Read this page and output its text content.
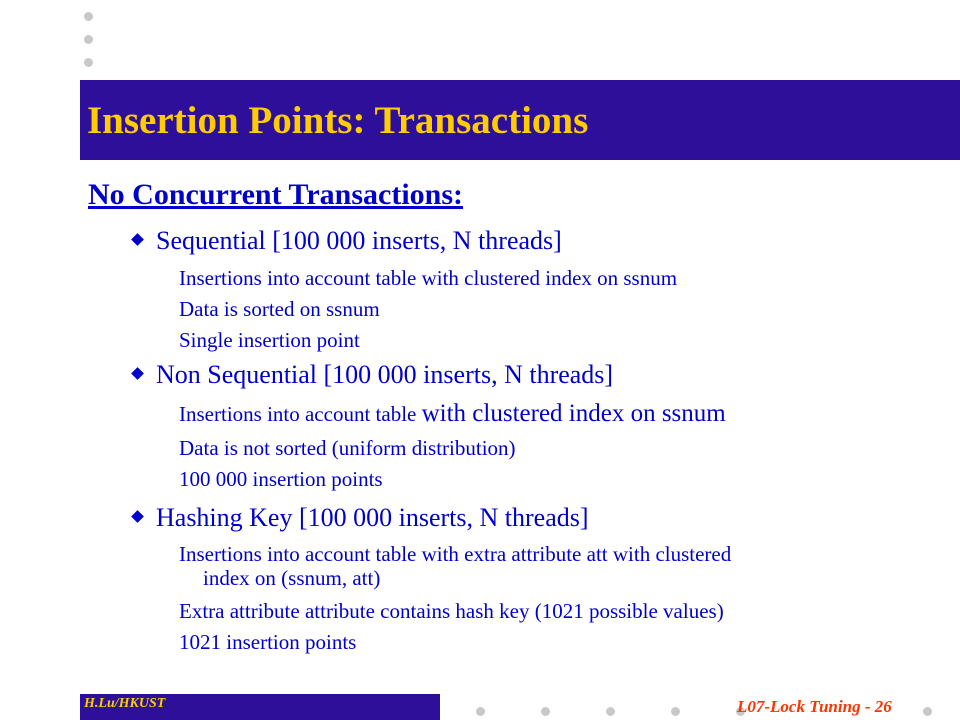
Insertion Points: Transactions
No Concurrent Transactions:
Sequential [100 000 inserts, N threads]
Insertions into account table with clustered index on ssnum
Data is sorted on ssnum
Single insertion point
Non Sequential [100 000 inserts, N threads]
Insertions into account table with clustered index on ssnum
Data is not sorted (uniform distribution)
100 000 insertion points
Hashing Key [100 000 inserts, N threads]
Insertions into account table with extra attribute att with clustered
index on (ssnum, att)
Extra attribute attribute contains hash key (1021 possible values)
1021 insertion points
H.Lu/HKUST	L07-Lock Tuning - 26
